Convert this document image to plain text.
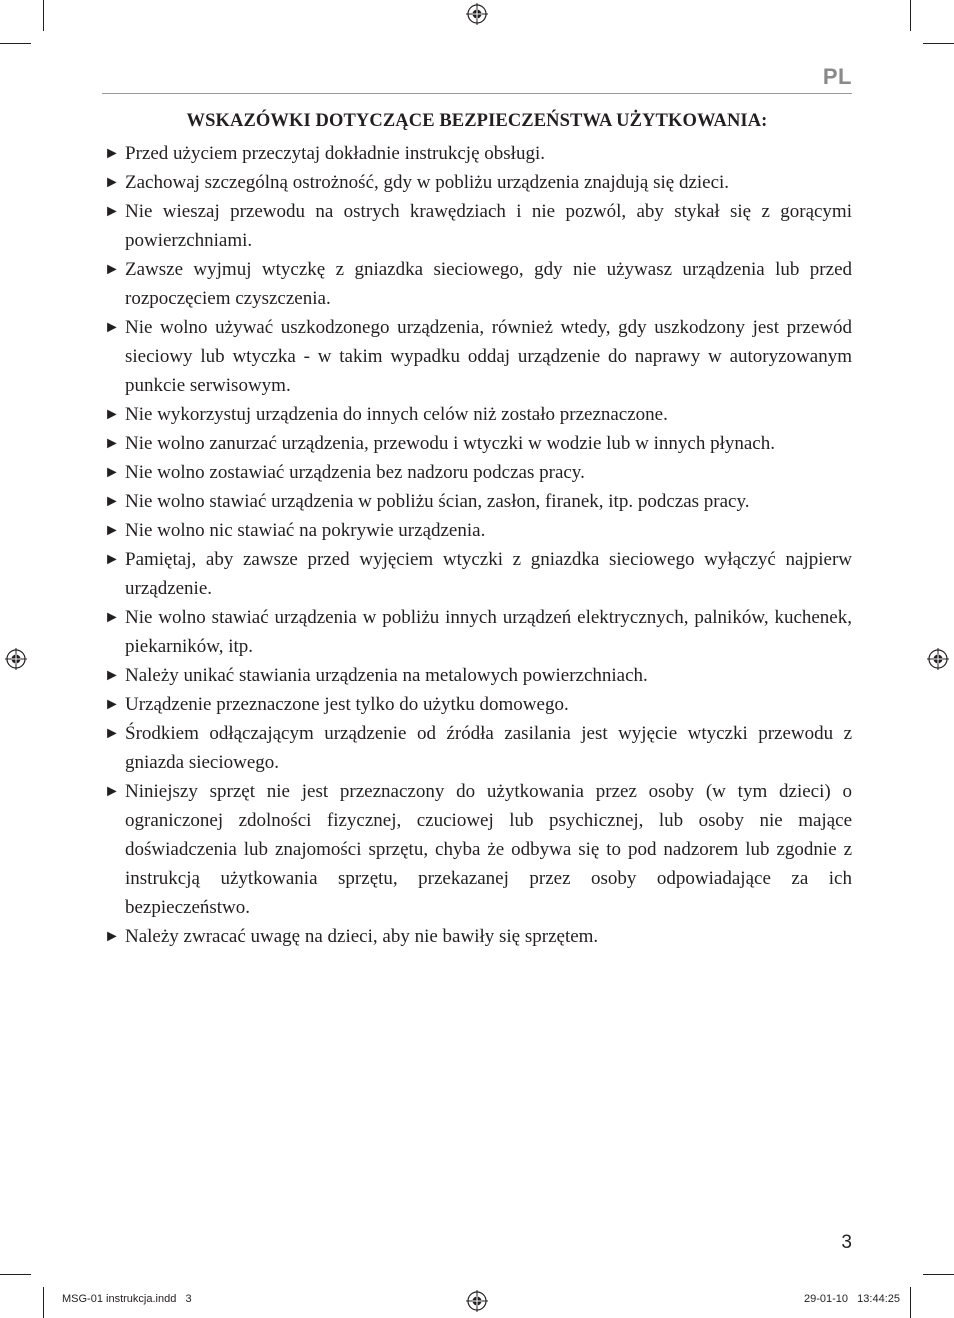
PL
WSKAZÓWKI DOTYCZĄCE BEZPIECZEŃSTWA UŻYTKOWANIA:
► Przed użyciem przeczytaj dokładnie instrukcję obsługi.
► Zachowaj szczególną ostrożność, gdy w pobliżu urządzenia znajdują się dzieci.
► Nie wieszaj przewodu na ostrych krawędziach i nie pozwól, aby stykał się z gorącymi powierzchniami.
► Zawsze wyjmuj wtyczkę z gniazdka sieciowego, gdy nie używasz urządzenia lub przed rozpoczęciem czyszczenia.
► Nie wolno używać uszkodzonego urządzenia, również wtedy, gdy uszkodzony jest przewód sieciowy lub wtyczka - w takim wypadku oddaj urządzenie do naprawy w autoryzowanym punkcie serwisowym.
► Nie wykorzystuj urządzenia do innych celów niż zostało przeznaczone.
► Nie wolno zanurzać urządzenia, przewodu i wtyczki w wodzie lub w innych płynach.
► Nie wolno zostawiać urządzenia bez nadzoru podczas pracy.
► Nie wolno stawiać urządzenia w pobliżu ścian, zasłon, firanek, itp. podczas pracy.
► Nie wolno nic stawiać na pokrywie urządzenia.
► Pamiętaj, aby zawsze przed wyjęciem wtyczki z gniazdka sieciowego wyłączyć najpierw urządzenie.
► Nie wolno stawiać urządzenia w pobliżu innych urządzeń elektrycznych, palników, kuchenek, piekarników, itp.
► Należy unikać stawiania urządzenia na metalowych powierzchniach.
► Urządzenie przeznaczone jest tylko do użytku domowego.
► Środkiem odłączającym urządzenie od źródła zasilania jest wyjęcie wtyczki przewodu z gniazda sieciowego.
► Niniejszy sprzęt nie jest przeznaczony do użytkowania przez osoby (w tym dzieci) o ograniczonej zdolności fizycznej, czuciowej lub psychicznej, lub osoby nie mające doświadczenia lub znajomości sprzętu, chyba że odbywa się to pod nadzorem lub zgodnie z instrukcją użytkowania sprzętu, przekazanej przez osoby odpowiadające za ich bezpieczeństwo.
► Należy zwracać uwagę na dzieci, aby nie bawiły się sprzętem.
3
MSG-01 instrukcja.indd   3	29-01-10   13:44:25
